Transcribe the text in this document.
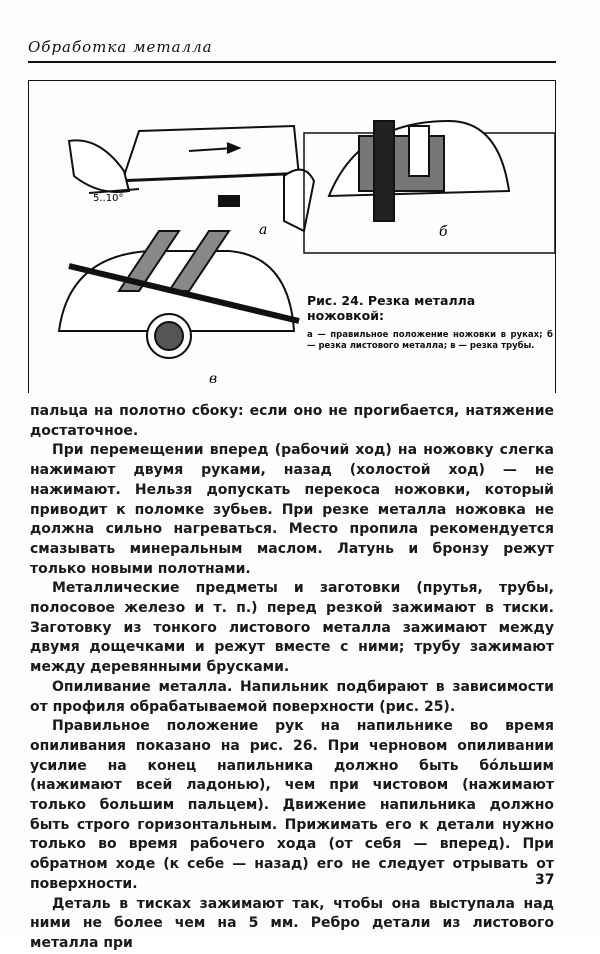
Обработка металла
5..10°
а	б
в
Рис. 24. Резка металла ножовкой:
а — правильное положение ножовки в руках; б — резка листового металла; в — резка трубы.

пальца на полотно сбоку: если оно не прогибается, натяжение достаточное.

При перемещении вперед (рабочий ход) на ножовку слегка нажимают двумя руками, назад (холостой ход) — не нажимают. Нельзя допускать перекоса ножовки, который приводит к поломке зубьев. При резке металла ножовка не должна сильно нагреваться. Место пропила рекомендуется смазывать минеральным маслом. Латунь и бронзу режут только новыми полотнами.

Металлические предметы и заготовки (прутья, трубы, полосовое железо и т. п.) перед резкой зажимают в тиски. Заготовку из тонкого листового металла зажимают между двумя дощечками и режут вместе с ними; трубу зажимают между деревянными брусками.

Опиливание металла. Напильник подбирают в зависимости от профиля обрабатываемой поверхности (рис. 25).

Правильное положение рук на напильнике во время опиливания показано на рис. 26. При черновом опиливании усилие на конец напильника должно быть бо́льшим (нажимают всей ладонью), чем при чистовом (нажимают только большим пальцем). Движение напильника должно быть строго горизонтальным. Прижимать его к детали нужно только во время рабочего хода (от себя — вперед). При обратном ходе (к себе — назад) его не следует отрывать от поверхности.

Деталь в тисках зажимают так, чтобы она выступала над ними не более чем на 5 мм. Ребро детали из листового металла при

37
